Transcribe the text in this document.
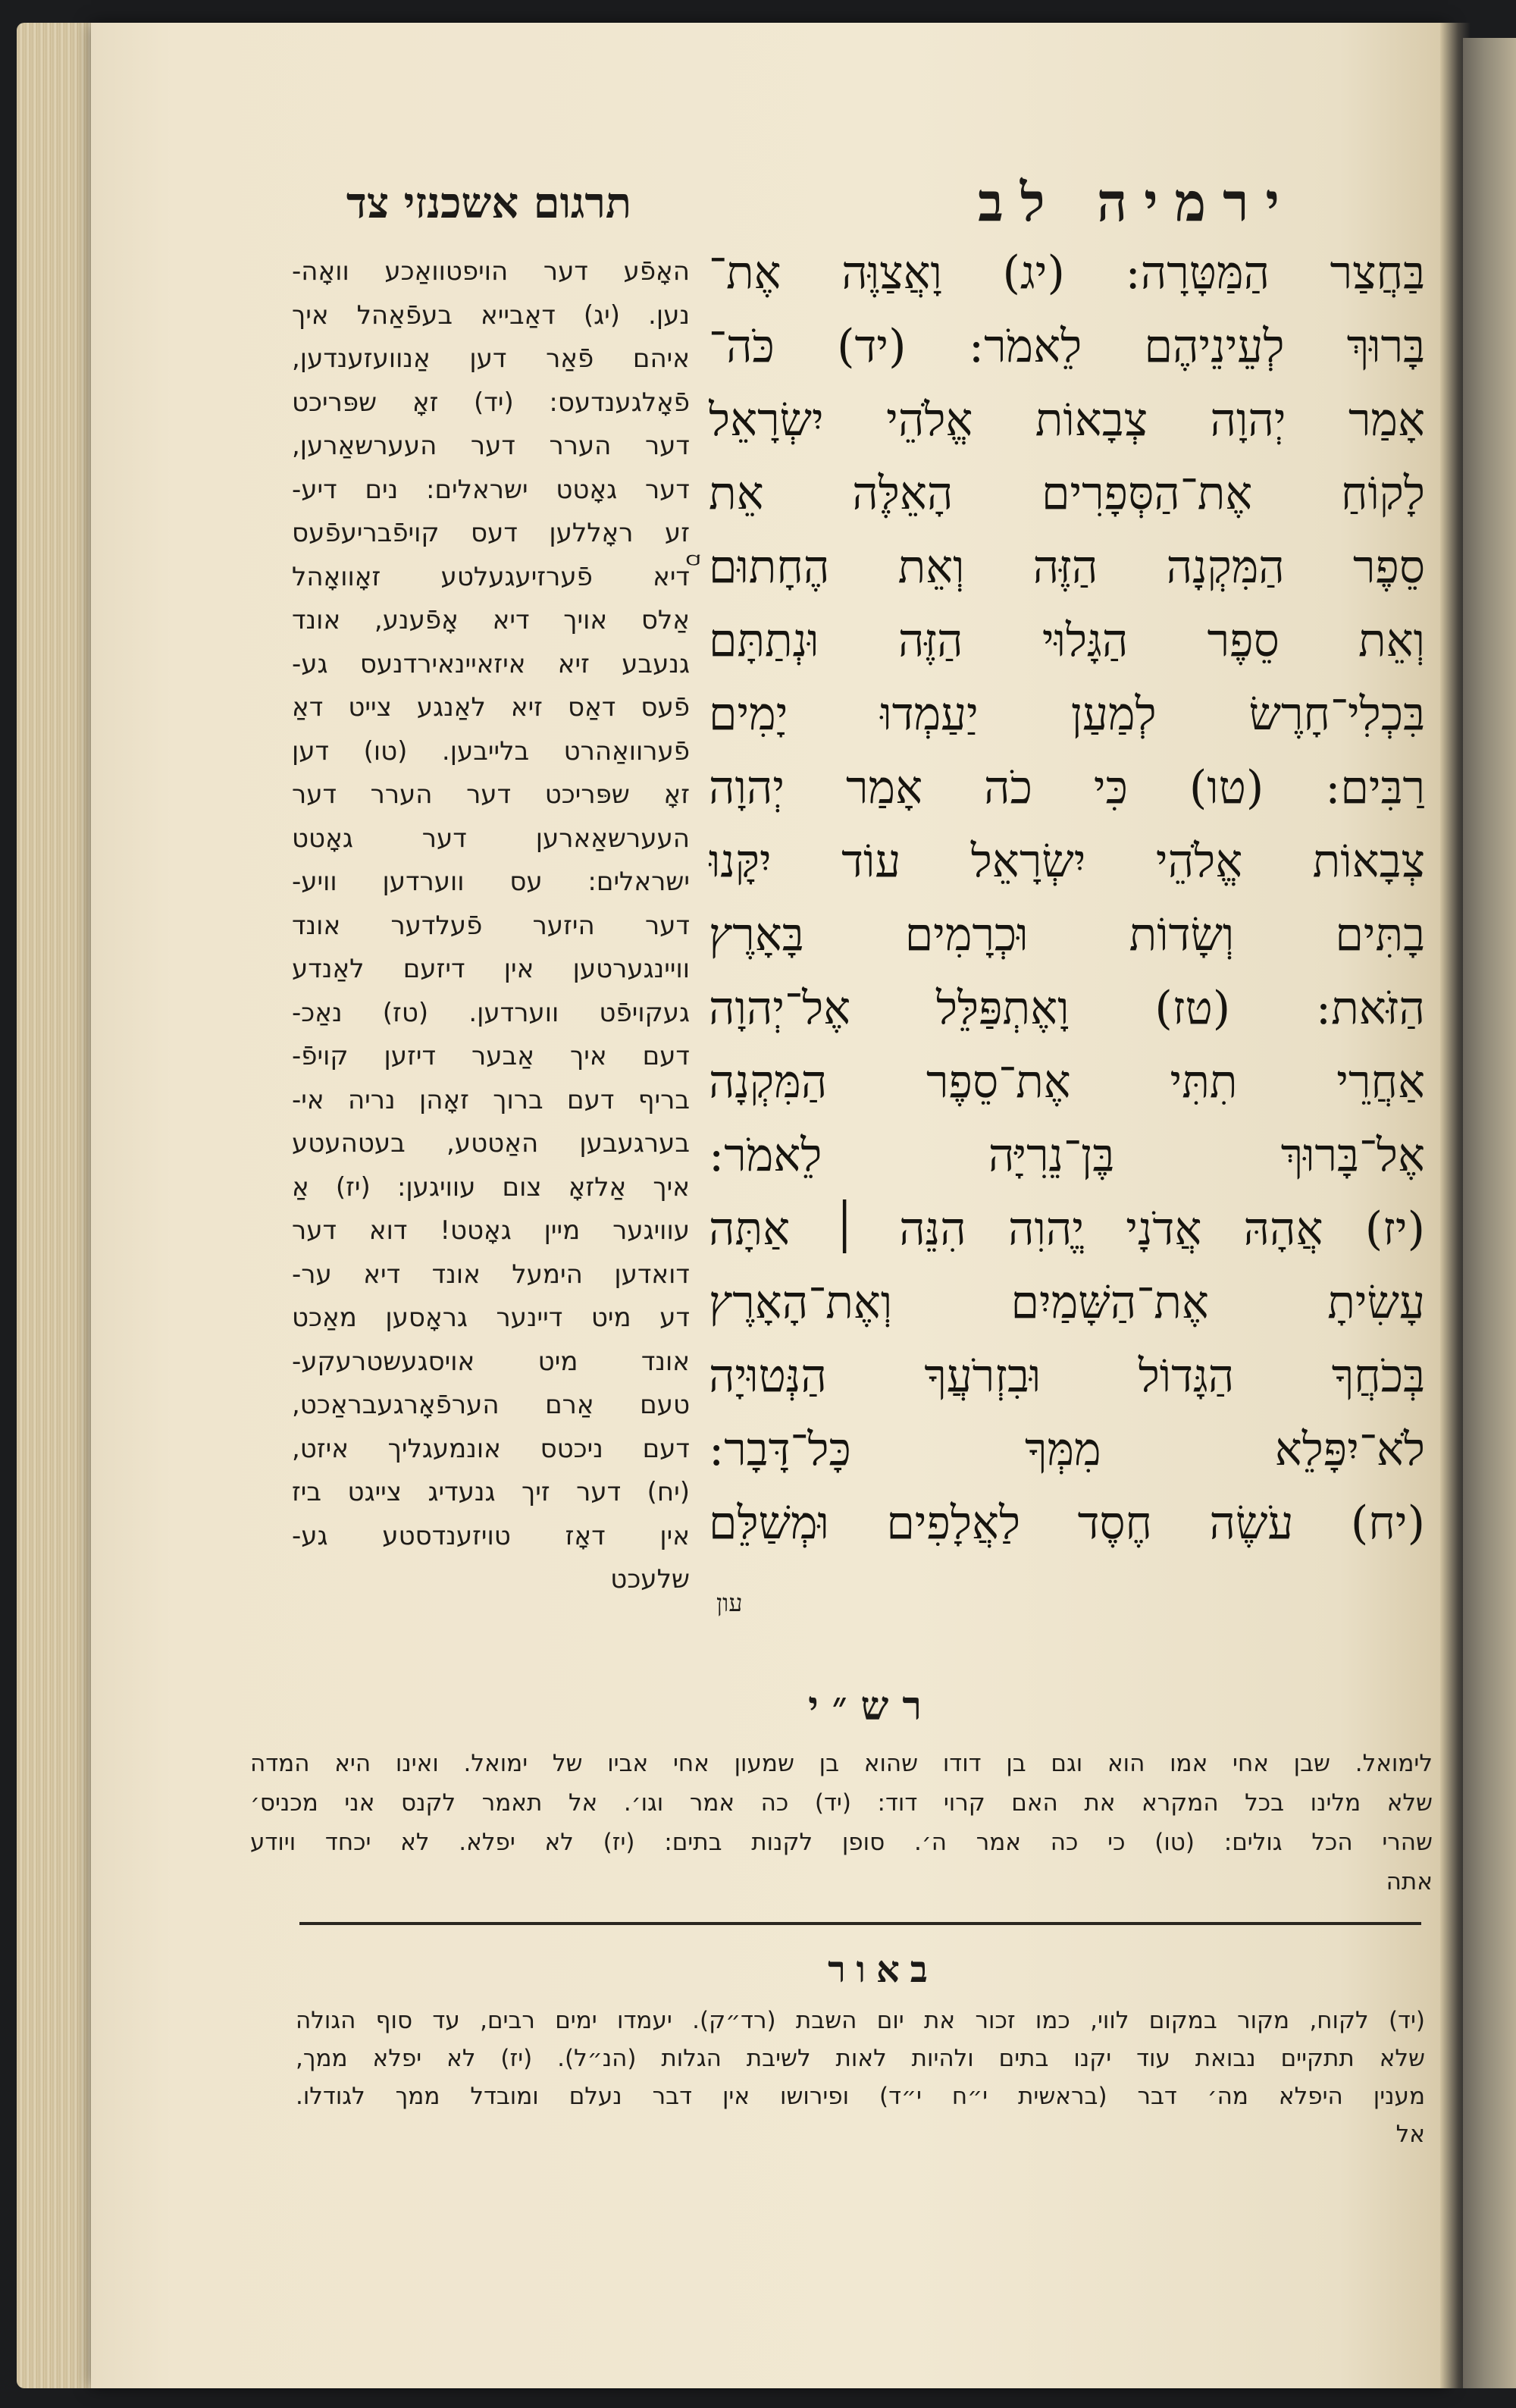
תרגום אשכנזי צד	ירמיה לב
האָפֿע דער הויפטוואַכע וואָה-
נען. (יג) דאַבייא בעפֿאַהל איך
איהם פֿאַר דען אַנוועזענדען,
פֿאָלגענדעס: (יד) זאָ שפּריכט
דער הערר דער העערשאַרען,
דער גאָטט ישראלים: נים דיע-
זע ראָללען דעס קויפֿבריעפֿעס
דיא פֿערזיעגעלטע זאָוואָהל
אַלס אויך דיא אָפֿענע, אונד
גנעבע זיא איזאיינאירדנעס גע-
פֿעס דאַס זיא לאַנגע צייט דאַ
פֿערוואַהרט בלייבען. (טו) דען
זאָ שפּריכט דער הערר דער
העערשאַארען דער גאָטט
ישראלים: עס ווערדען וויע-
דער היזער פֿעלדער אונד
וויינגערטען אין דיזעם לאַנדע
געקויפֿט ווערדען. (טז) נאַכ-
דעם איך אַבער דיזען קויפֿ-
בריף דעם ברוך זאָהן נריה אי-
בערגעבען האַטטע, בעטהעטע
איך אַלזאָ צום עוויגען: (יז) אַ
עוויגער מיין גאָטט! דוא דער
דואדען הימעל אונד דיא ער-
דע מיט דיינער גראָסען מאַכט
אונד מיט אויסגעשטרעקע-
טעם אַרם הערפֿאָרגעבראַכט,
דעם ניכטס אונמעגליך איזט,
(יח) דער זיך גנעדיג צייגט ביז
אין דאָז טויזענדסטע גע-
שלעכט
בַּחֲצַר הַמַּטָּרָה: (יג) וָאֲצַוֶּה אֶת־
בָּרוּךְ לְעֵינֵיהֶם לֵאמֹר: (יד) כֹּה־
אָמַר יְהוָה צְבָאוֹת אֱלֹהֵי יִשְׂרָאֵל
לָקוֹחַ אֶת־הַסְּפָרִים הָאֵלֶּה אֵת
סֵפֶר הַמִּקְנָה הַזֶּה וְאֵת הֶחָתוּם
וְאֵת סֵפֶר הַגָּלוּי הַזֶּה וּנְתַתָּם
בִּכְלִי־חָרֶשׂ לְמַעַן יַעַמְדוּ יָמִים
רַבִּים: (טו) כִּי כֹה אָמַר יְהוָה
צְבָאוֹת אֱלֹהֵי יִשְׂרָאֵל עוֹד יִקָּנוּ
בָתִּים וְשָׂדוֹת וּכְרָמִים בָּאָרֶץ
הַזֹּאת: (טז) וָאֶתְפַּלֵּל אֶל־יְהוָה
אַחֲרֵי תִתִּי אֶת־סֵפֶר הַמִּקְנָה
אֶל־בָּרוּךְ בֶּן־נֵרִיָּה לֵאמֹר:
(יז) אֲהָהּ אֲדֹנָי יֱהוִה הִנֵּה ׀ אַתָּה
עָשִׂיתָ אֶת־הַשָּׁמַיִם וְאֶת־הָאָרֶץ
בְּכֹחֲךָ הַגָּדוֹל וּבִזְרֹעֲךָ הַנְּטוּיָה
לֹא־יִפָּלֵא מִמְּךָ כָּל־דָּבָר:
(יח) עֹשֶׂה חֶסֶד לַאֲלָפִים וּמְשַׁלֵּם
ס
עון
רש״י
לימואל. שבן אחי אמו הוא וגם בן דודו שהוא בן שמעון אחי אביו של ימואל. ואינו היא המדה
שלא מלינו בכל המקרא את האם קרוי דוד: (יד) כה אמר וגו׳. אל תאמר לקנס אני מכניס׳
שהרי הכל גולים: (טו) כי כה אמר ה׳. סופן לקנות בתים: (יז) לא יפלא. לא יכחד ויודע
אתה
באור
(יד) לקוח, מקור במקום לווי, כמו זכור את יום השבת (רד״ק). יעמדו ימים רבים, עד סוף הגולה
שלא תתקיים נבואת עוד יקנו בתים ולהיות לאות לשיבת הגלות (הנ״ל). (יז) לא יפלא ממך,
מענין היפלא מה׳ דבר (בראשית י״ח י״ד) ופירושו אין דבר נעלם ומובדל ממך לגודלו.
אל
